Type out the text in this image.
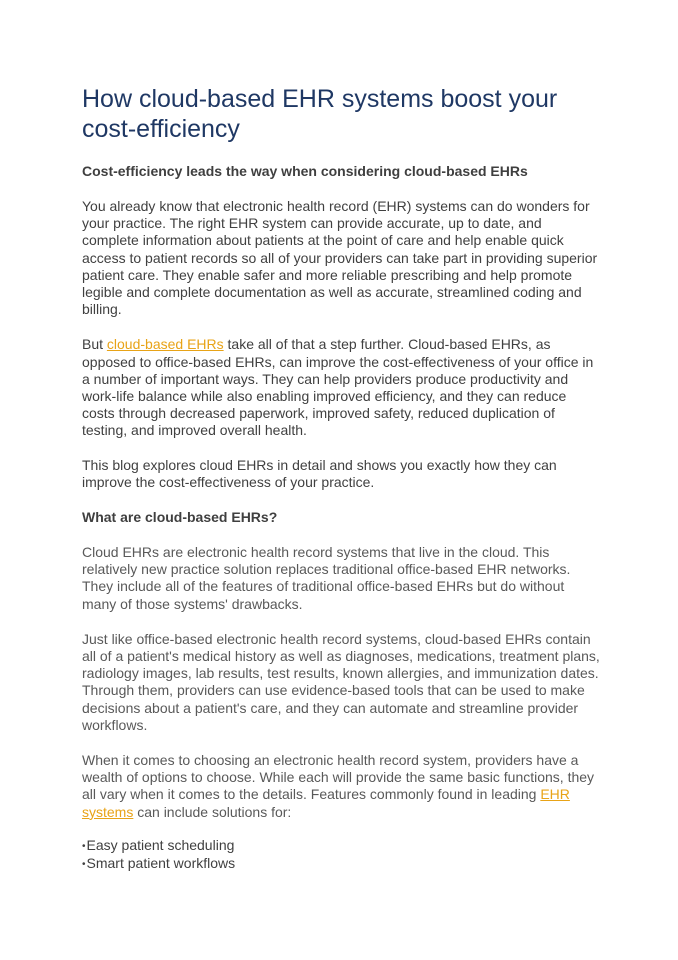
How cloud-based EHR systems boost your cost-efficiency
Cost-efficiency leads the way when considering cloud-based EHRs

You already know that electronic health record (EHR) systems can do wonders for your practice. The right EHR system can provide accurate, up to date, and complete information about patients at the point of care and help enable quick access to patient records so all of your providers can take part in providing superior patient care. They enable safer and more reliable prescribing and help promote legible and complete documentation as well as accurate, streamlined coding and billing.

But cloud-based EHRs take all of that a step further. Cloud-based EHRs, as opposed to office-based EHRs, can improve the cost-effectiveness of your office in a number of important ways. They can help providers produce productivity and work-life balance while also enabling improved efficiency, and they can reduce costs through decreased paperwork, improved safety, reduced duplication of testing, and improved overall health.

This blog explores cloud EHRs in detail and shows you exactly how they can improve the cost-effectiveness of your practice.

What are cloud-based EHRs?

Cloud EHRs are electronic health record systems that live in the cloud. This relatively new practice solution replaces traditional office-based EHR networks. They include all of the features of traditional office-based EHRs but do without many of those systems' drawbacks.

Just like office-based electronic health record systems, cloud-based EHRs contain all of a patient's medical history as well as diagnoses, medications, treatment plans, radiology images, lab results, test results, known allergies, and immunization dates. Through them, providers can use evidence-based tools that can be used to make decisions about a patient's care, and they can automate and streamline provider workflows.

When it comes to choosing an electronic health record system, providers have a wealth of options to choose. While each will provide the same basic functions, they all vary when it comes to the details. Features commonly found in leading EHR systems can include solutions for:

•Easy patient scheduling
•Smart patient workflows
